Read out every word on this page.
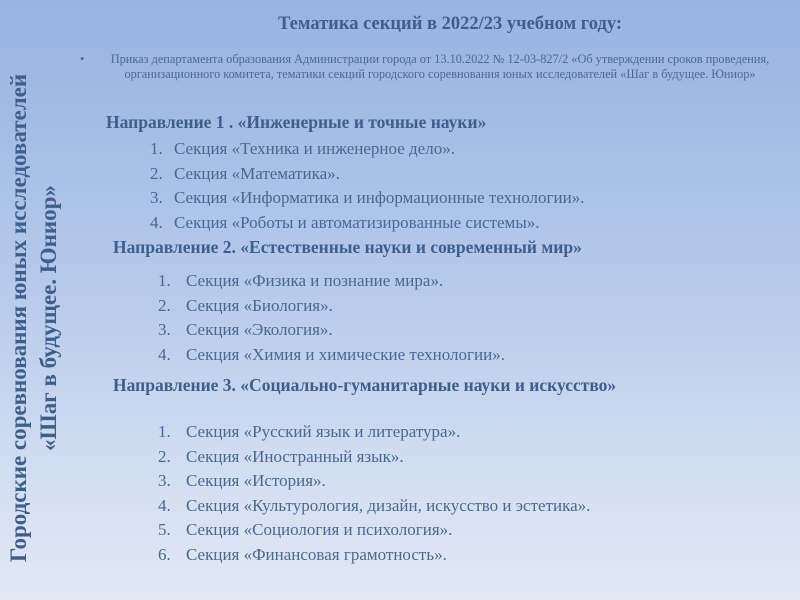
Городские соревнования юных исследователей «Шаг в будущее. Юниор»
Тематика секций в 2022/23 учебном году:
•	Приказ департамента образования Администрации города от 13.10.2022 № 12-03-827/2 «Об утверждении сроков проведения, организационного комитета, тематики секций городского соревнования юных исследователей «Шаг в будущее. Юниор»
Направление 1 . «Инженерные и точные науки»
1. Секция «Техника и инженерное дело».
2. Секция «Математика».
3. Секция «Информатика и информационные технологии».
4. Секция «Роботы и автоматизированные системы».
Направление 2. «Естественные науки и современный мир»
1. Секция «Физика и познание мира».
2. Секция «Биология».
3. Секция «Экология».
4. Секция «Химия и химические технологии».
Направление 3. «Социально-гуманитарные науки и искусство»
1. Секция «Русский язык и литература».
2. Секция «Иностранный язык».
3. Секция «История».
4. Секция «Культурология, дизайн, искусство и эстетика».
5. Секция «Социология и психология».
6. Секция «Финансовая грамотность».
